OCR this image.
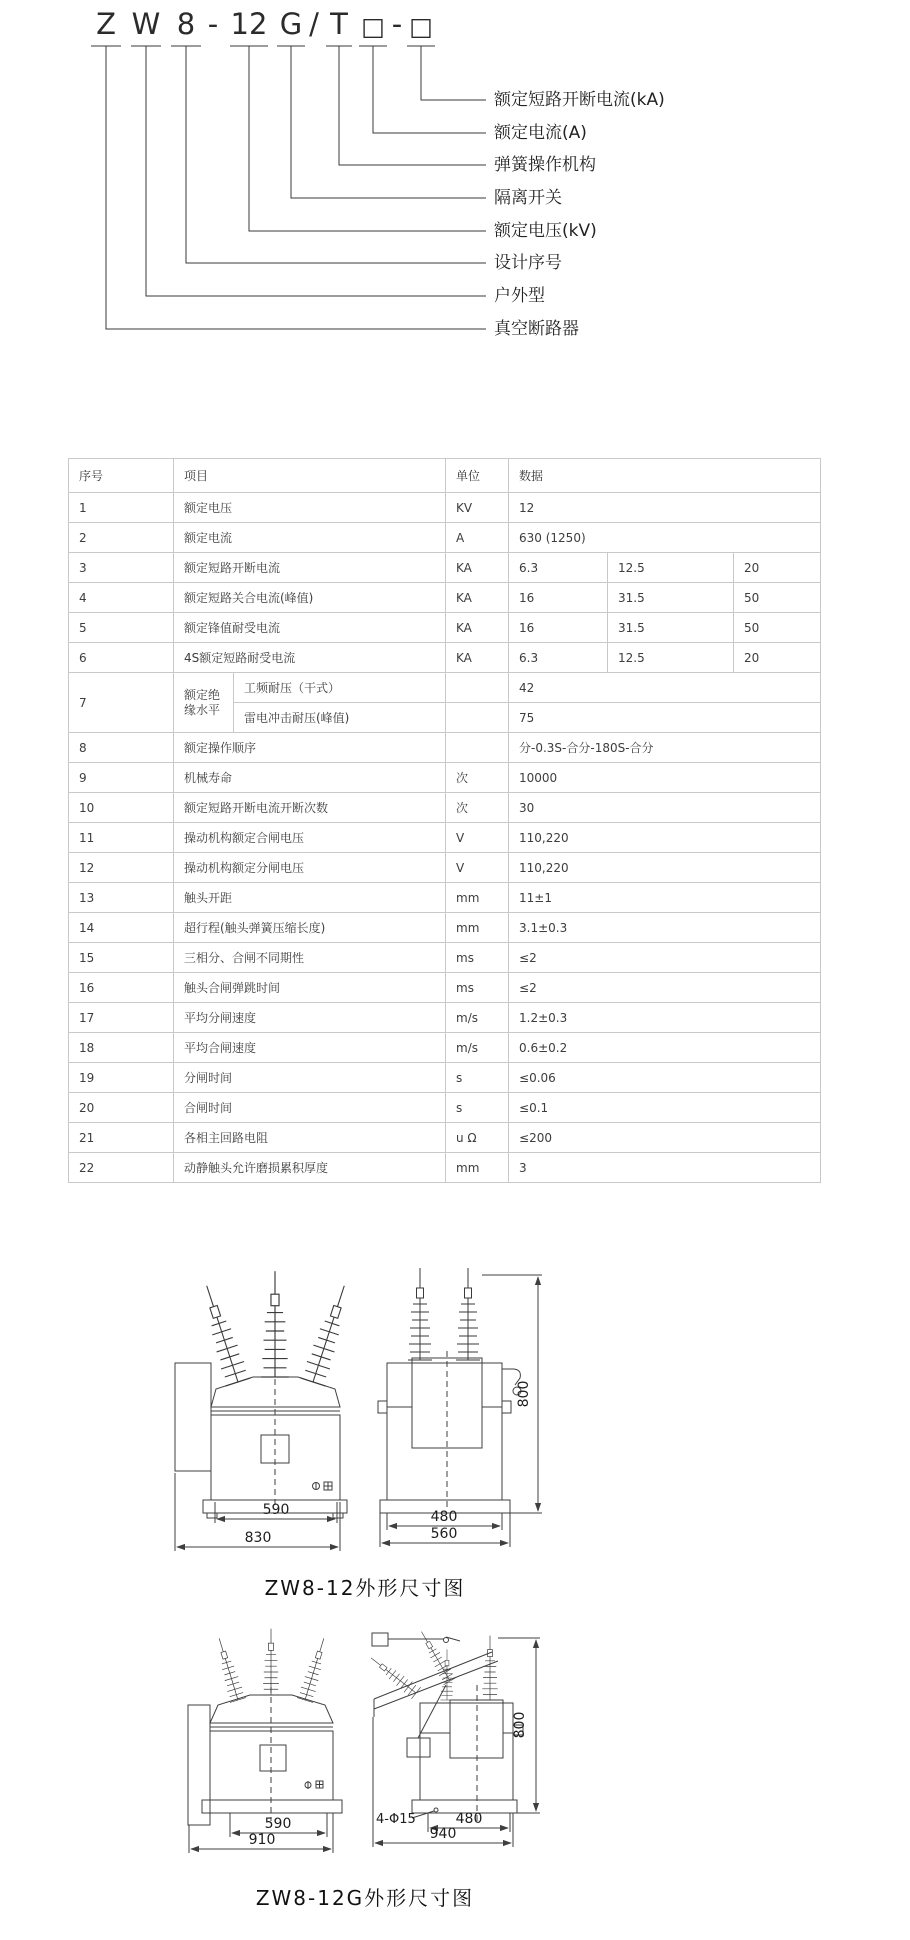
Z W 8 - 12 G / T □ - □
额定短路开断电流(kA)
额定电流(A)
弹簧操作机构
隔离开关
额定电压(kV)
设计序号
户外型
真空断路器
序号	项目		单位	数据		
1	额定电压		KV	12		
2	额定电流		A	630 (1250)		
3	额定短路开断电流		KA	6.3	12.5	20
4	额定短路关合电流(峰值)		KA	16	31.5	50
5	额定锋值耐受电流		KA	16	31.5	50
6	4S额定短路耐受电流		KA	6.3	12.5	20
7	额定绝缘水平	工频耐压（干式）		42		
		雷电冲击耐压(峰值)		75		
8	额定操作顺序			分-0.3S-合分-180S-合分		
9	机械寿命		次	10000		
10	额定短路开断电流开断次数		次	30		
11	操动机构额定合闸电压		V	110,220		
12	操动机构额定分闸电压		V	110,220		
13	触头开距		mm	11±1		
14	超行程(触头弹簧压缩长度)		mm	3.1±0.3		
15	三相分、合闸不同期性		ms	≤2		
16	触头合闸弹跳时间		ms	≤2		
17	平均分闸速度		m/s	1.2±0.3		
18	平均合闸速度		m/s	0.6±0.2		
19	分闸时间		s	≤0.06		
20	合闸时间		s	≤0.1		
21	各相主回路电阻		u Ω	≤200		
22	动静触头允许磨损累积厚度		mm	3		
590
830
480
560
800
ZW8-12外形尺寸图
590
910
480
940
800
4-Φ15
ZW8-12G外形尺寸图
